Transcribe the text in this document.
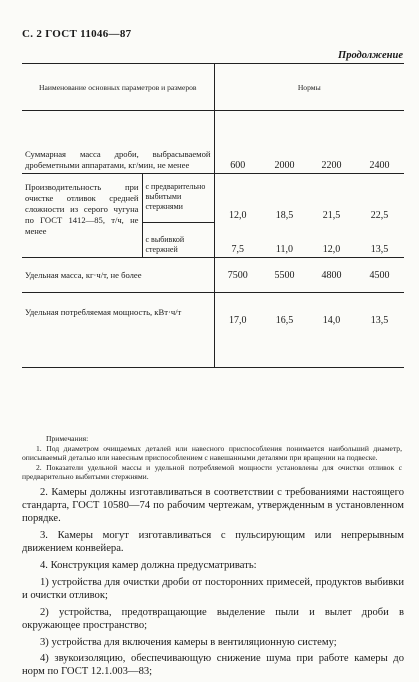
С. 2 ГОСТ 11046—87
Продолжение
Наименование основных параметров и размеров		Нормы			
Суммарная масса дроби, выбрасываемой дробеметными аппаратами, кг/мин, не менее		600	2000	2200	2400
Производительность при очистке отливок средней сложности из серого чугуна по ГОСТ 1412—85, т/ч, не менее	с предварительно выбитыми стержнями	12,0	18,5	21,5	22,5
	с выбивкой стержней	7,5	11,0	12,0	13,5
Удельная масса, кг·ч/т, не более		7500	5500	4800	4500
Удельная потребляемая мощность, кВт·ч/т		17,0	16,5	14,0	13,5
Примечания:

1. Под диаметром очищаемых деталей или навесного приспособления понимается наибольший диаметр, описываемый деталью или навесным приспособлением с навешанными деталями при вращении на подвеске.

2. Показатели удельной массы и удельной потребляемой мощности установлены для очистки отливок с предварительно выбитыми стержнями.

2. Камеры должны изготавливаться в соответствии с требованиями настоящего стандарта, ГОСТ 10580—74 по рабочим чертежам, утвержденным в установленном порядке.

3. Камеры могут изготавливаться с пульсирующим или непрерывным движением конвейера.

4. Конструкция камер должна предусматривать:

1) устройства для очистки дроби от посторонних примесей, продуктов выбивки и очистки отливок;

2) устройства, предотвращающие выделение пыли и вылет дроби в окружающее пространство;

3) устройства для включения камеры в вентиляционную систему;

4) звукоизоляцию, обеспечивающую снижение шума при работе камеры до норм по ГОСТ 12.1.003—83;
